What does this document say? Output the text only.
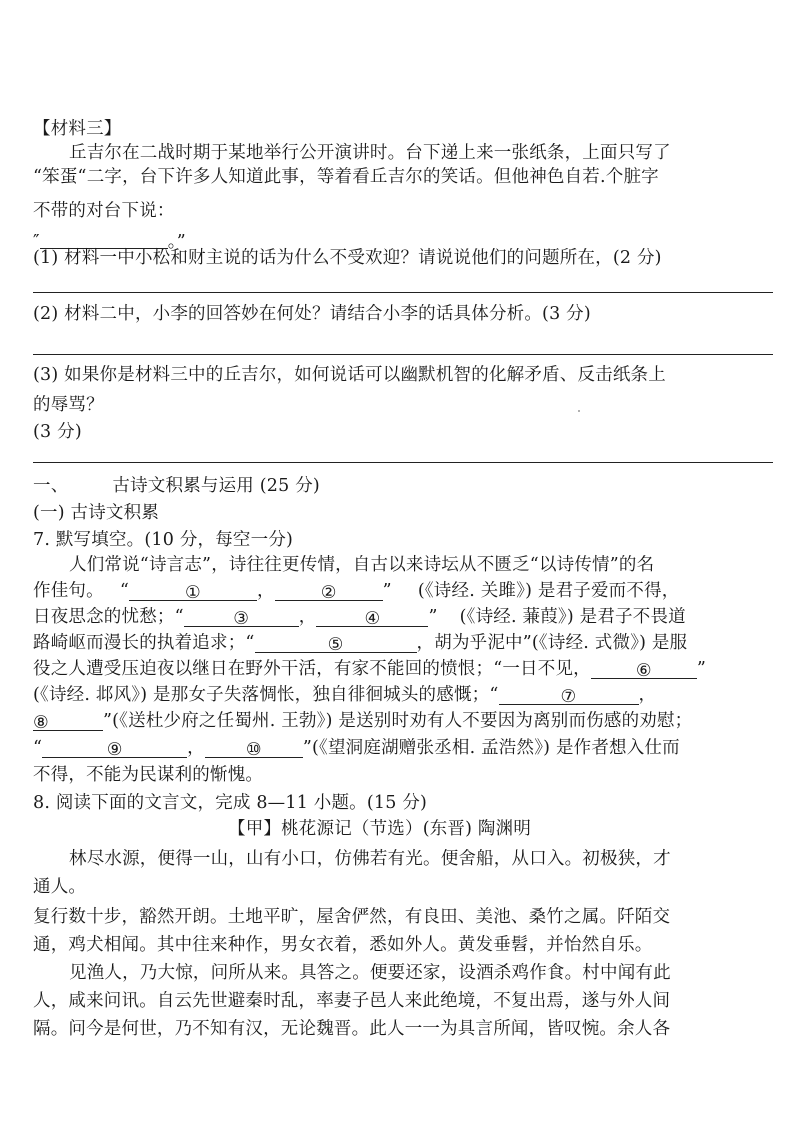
【材料三】
丘吉尔在二战时期于某地举行公开演讲时。台下递上来一张纸条，上面只写了
“笨蛋“二字，台下许多人知道此事，等着看丘吉尔的笑话。但他神色自若.个脏字
不带的对台下说：
″	。”
(1) 材料一中小松和财主说的话为什么不受欢迎？请说说他们的问题所在，(2 分)
(2) 材料二中，小李的回答妙在何处？请结合小李的话具体分析。(3 分)
(3) 如果你是材料三中的丘吉尔，如何说话可以幽默机智的化解矛盾、反击纸条上
的辱骂？
(3 分)
一、	古诗文积累与运用 (25 分)
(一) 古诗文积累
7. 默写填空。(10 分，每空一分)
人们常说“诗言志”，诗往往更传情，自古以来诗坛从不匮乏“以诗传情”的名
作佳句。 “	①	，	②	” (《诗经. 关雎》) 是君子爱而不得，
日夜思念的忧愁；“	③	，	④	” (《诗经. 蒹葭》) 是君子不畏道
路崎岖而漫长的执着追求；“	⑤	，胡为乎泥中”(《诗经. 式微》) 是服
役之人遭受压迫夜以继日在野外干活，有家不能回的愤恨；“一日不见，	⑥	”
(《诗经. 邶风》) 是那女子失落惆怅，独自徘徊城头的感慨；“	⑦	，
⑧	”(《送杜少府之任蜀州. 王勃》) 是送别时劝有人不要因为离别而伤感的劝慰；
“	⑨	， ⑩ ”(《望洞庭湖赠张丞相. 孟浩然》) 是作者想入仕而
不得，不能为民谋利的惭愧。
8. 阅读下面的文言文，完成 8—11 小题。(15 分)
【甲】桃花源记（节选）(东晋) 陶渊明
林尽水源，便得一山，山有小口，仿佛若有光。便舍船，从口入。初极狭，才
通人。
复行数十步，豁然开朗。土地平旷，屋舍俨然，有良田、美池、桑竹之属。阡陌交
通，鸡犬相闻。其中往来种作，男女衣着，悉如外人。黄发垂髫，并怡然自乐。
见渔人，乃大惊，问所从来。具答之。便要还家，设酒杀鸡作食。村中闻有此
人，咸来问讯。自云先世避秦时乱，率妻子邑人来此绝境，不复出焉，遂与外人间
隔。问今是何世，乃不知有汉，无论魏晋。此人一一为具言所闻，皆叹惋。余人各
